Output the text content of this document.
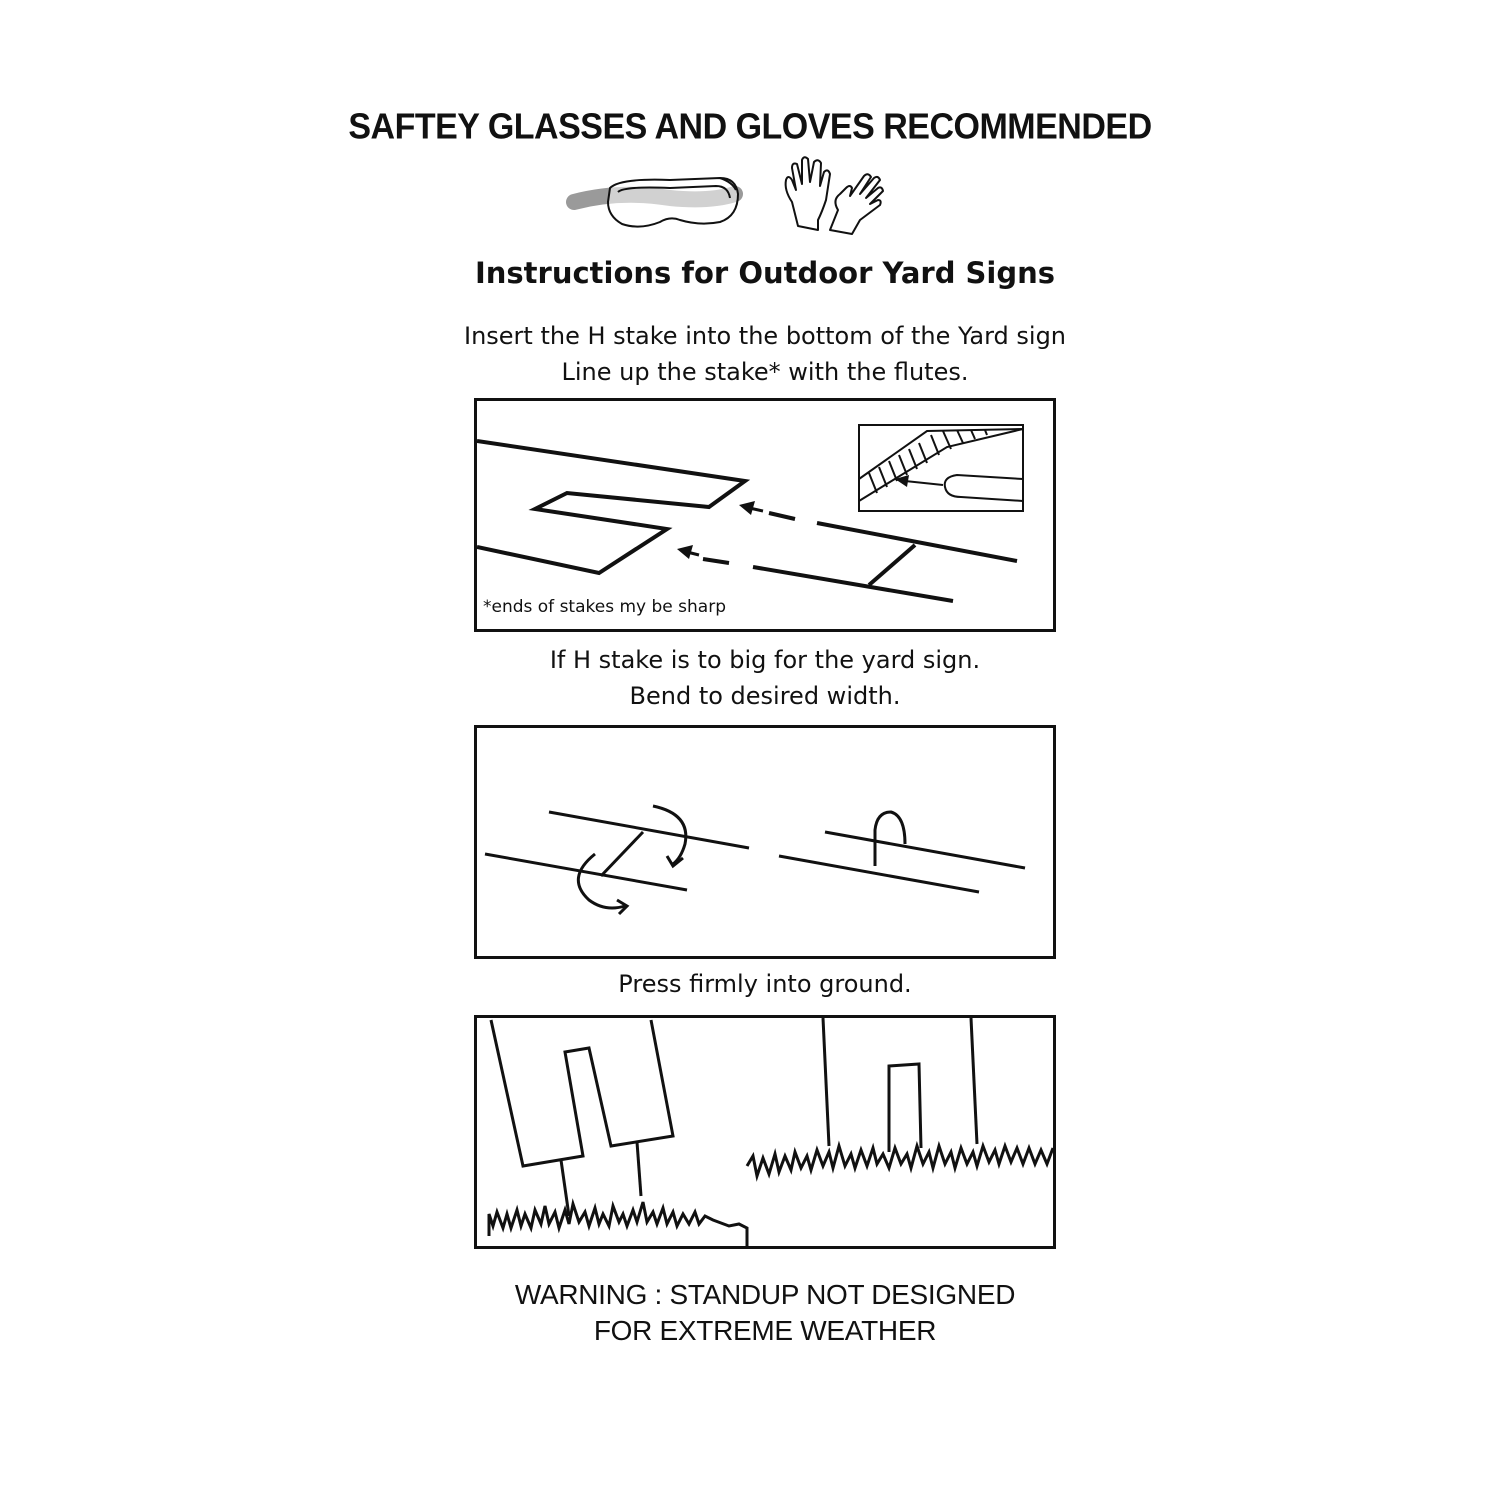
SAFTEY GLASSES AND GLOVES RECOMMENDED
Instructions for Outdoor Yard Signs
Insert the H stake into the bottom of the Yard sign
Line up the stake* with the flutes.
*ends of stakes my be sharp
If H stake is to big for the yard sign.
Bend to desired width.
Press firmly into ground.
WARNING : STANDUP NOT DESIGNED
FOR EXTREME WEATHER
